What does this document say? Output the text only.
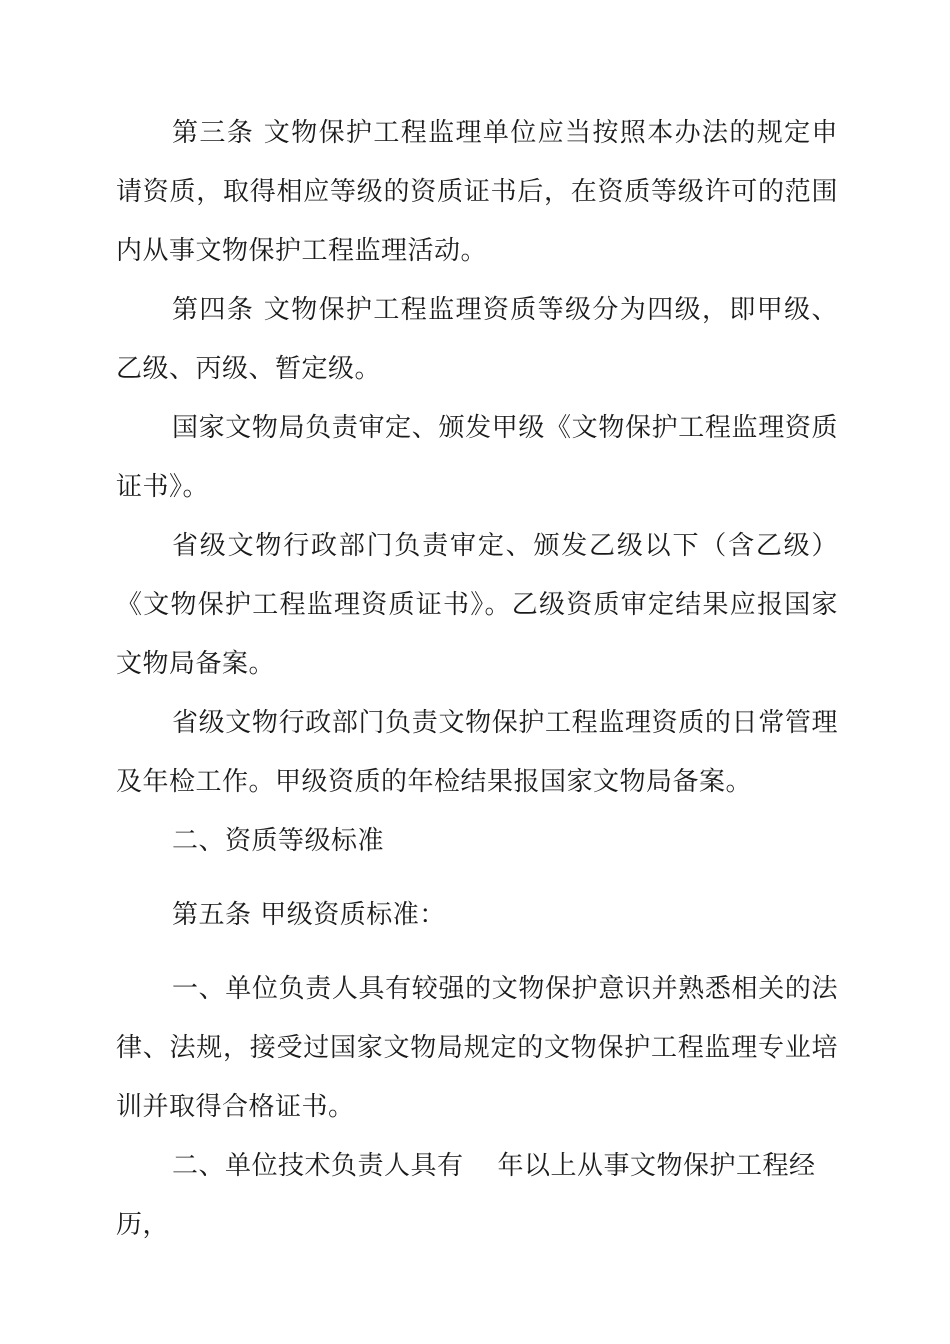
第三条 文物保护工程监理单位应当按照本办法的规定申请资质，取得相应等级的资质证书后，在资质等级许可的范围内从事文物保护工程监理活动。

第四条 文物保护工程监理资质等级分为四级，即甲级、乙级、丙级、暂定级。

国家文物局负责审定、颁发甲级《文物保护工程监理资质证书》。

省级文物行政部门负责审定、颁发乙级以下（含乙级）《文物保护工程监理资质证书》。乙级资质审定结果应报国家文物局备案。

省级文物行政部门负责文物保护工程监理资质的日常管理及年检工作。甲级资质的年检结果报国家文物局备案。

二、资质等级标准

第五条 甲级资质标准：

一、单位负责人具有较强的文物保护意识并熟悉相关的法律、法规，接受过国家文物局规定的文物保护工程监理专业培训并取得合格证书。

二、单位技术负责人具有 年以上从事文物保护工程经历，
